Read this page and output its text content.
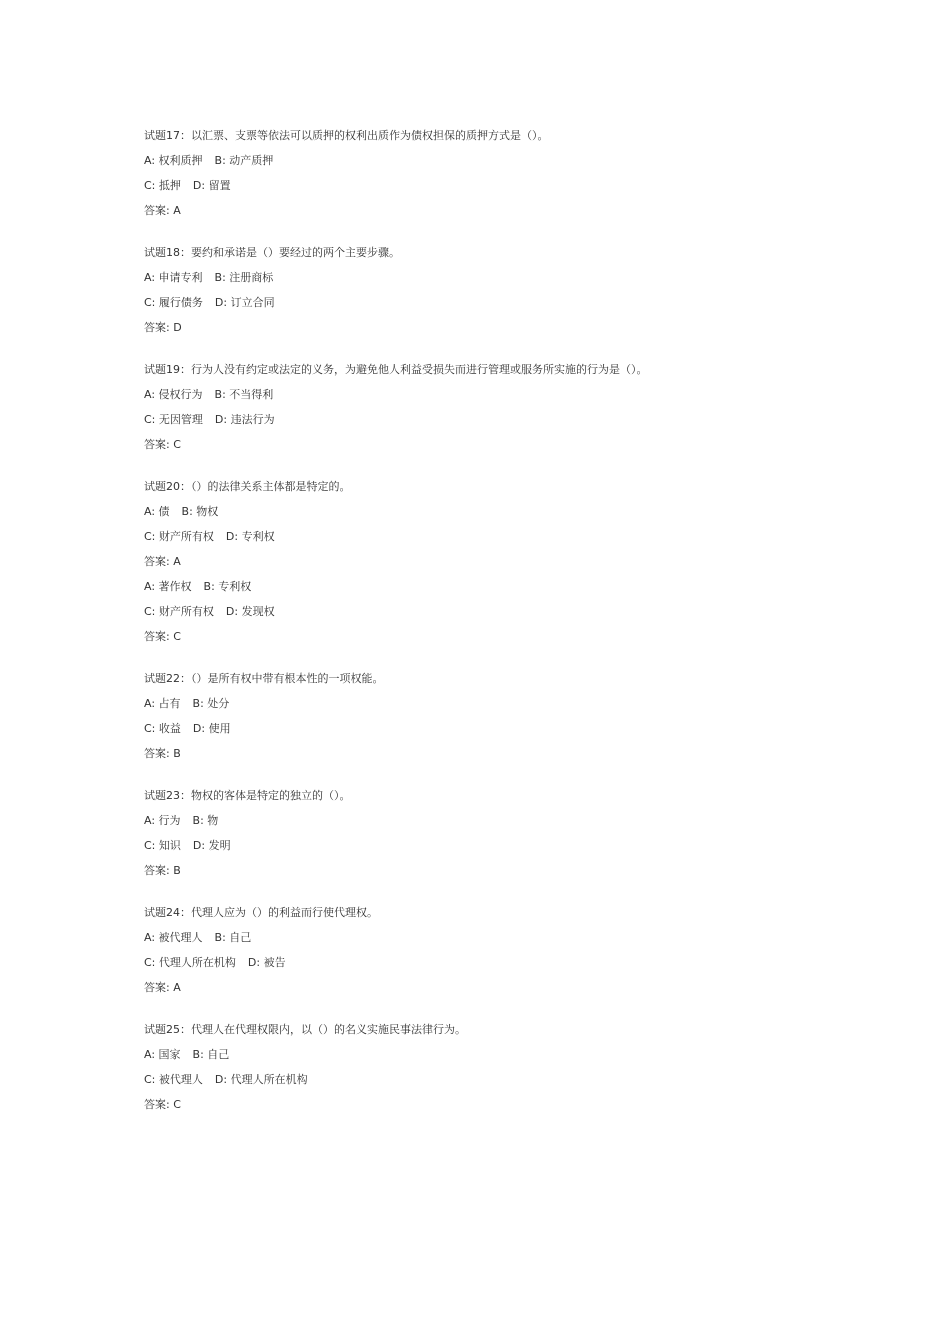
试题17：以汇票、支票等依法可以质押的权利出质作为债权担保的质押方式是（）。
A: 权利质押 B: 动产质押
C: 抵押 D: 留置
答案: A
试题18：要约和承诺是（）要经过的两个主要步骤。
A: 申请专利 B: 注册商标
C: 履行债务 D: 订立合同
答案: D
试题19：行为人没有约定或法定的义务，为避免他人利益受损失而进行管理或服务所实施的行为是（）。
A: 侵权行为 B: 不当得利
C: 无因管理 D: 违法行为
答案: C
试题20：（）的法律关系主体都是特定的。
A: 债 B: 物权
C: 财产所有权 D: 专利权
答案: A
A: 著作权 B: 专利权
C: 财产所有权 D: 发现权
答案: C
试题22：（）是所有权中带有根本性的一项权能。
A: 占有 B: 处分
C: 收益 D: 使用
答案: B
试题23：物权的客体是特定的独立的（）。
A: 行为 B: 物
C: 知识 D: 发明
答案: B
试题24：代理人应为（）的利益而行使代理权。
A: 被代理人 B: 自己
C: 代理人所在机构 D: 被告
答案: A
试题25：代理人在代理权限内，以（）的名义实施民事法律行为。
A: 国家 B: 自己
C: 被代理人 D: 代理人所在机构
答案: C
